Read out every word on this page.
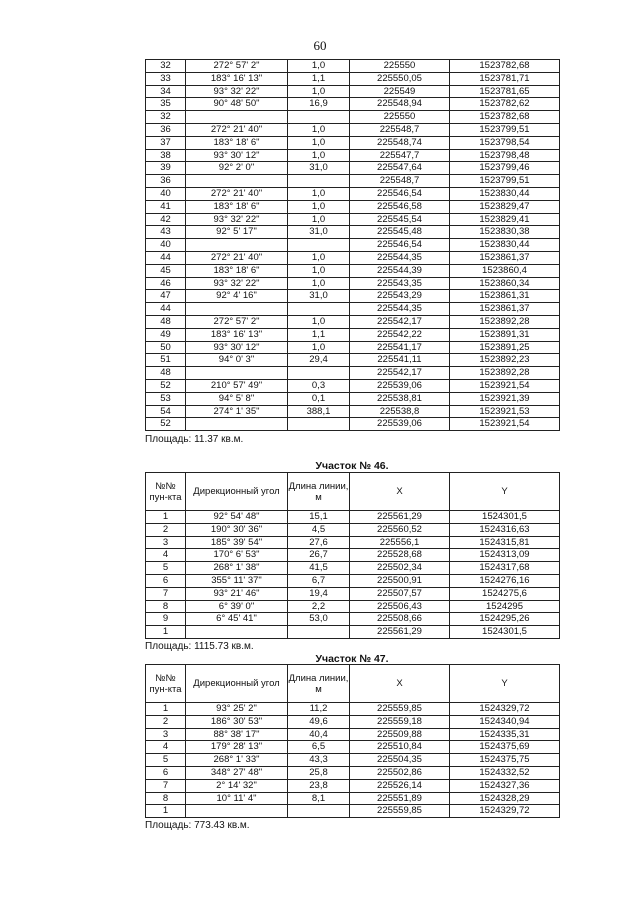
60
32	272° 57' 2"	1,0	225550	1523782,68
33	183° 16' 13"	1,1	225550,05	1523781,71
34	93° 32' 22"	1,0	225549	1523781,65
35	90° 48' 50"	16,9	225548,94	1523782,62
32			225550	1523782,68
36	272° 21' 40"	1,0	225548,7	1523799,51
37	183° 18' 6"	1,0	225548,74	1523798,54
38	93° 30' 12"	1,0	225547,7	1523798,48
39	92° 2' 0"	31,0	225547,64	1523799,46
36			225548,7	1523799,51
40	272° 21' 40"	1,0	225546,54	1523830,44
41	183° 18' 6"	1,0	225546,58	1523829,47
42	93° 32' 22"	1,0	225545,54	1523829,41
43	92° 5' 17"	31,0	225545,48	1523830,38
40			225546,54	1523830,44
44	272° 21' 40"	1,0	225544,35	1523861,37
45	183° 18' 6"	1,0	225544,39	1523860,4
46	93° 32' 22"	1,0	225543,35	1523860,34
47	92° 4' 16"	31,0	225543,29	1523861,31
44			225544,35	1523861,37
48	272° 57' 2"	1,0	225542,17	1523892,28
49	183° 16' 13"	1,1	225542,22	1523891,31
50	93° 30' 12"	1,0	225541,17	1523891,25
51	94° 0' 3"	29,4	225541,11	1523892,23
48			225542,17	1523892,28
52	210° 57' 49"	0,3	225539,06	1523921,54
53	94° 5' 8"	0,1	225538,81	1523921,39
54	274° 1' 35"	388,1	225538,8	1523921,53
52			225539,06	1523921,54
Площадь: 11.37 кв.м.
Участок № 46.
№№ пун-кта	Дирекционный угол	Длина линии, м	X	Y
1	92° 54' 48"	15,1	225561,29	1524301,5
2	190° 30' 36"	4,5	225560,52	1524316,63
3	185° 39' 54"	27,6	225556,1	1524315,81
4	170° 6' 53"	26,7	225528,68	1524313,09
5	268° 1' 38"	41,5	225502,34	1524317,68
6	355° 11' 37"	6,7	225500,91	1524276,16
7	93° 21' 46"	19,4	225507,57	1524275,6
8	6° 39' 0"	2,2	225506,43	1524295
9	6° 45' 41"	53,0	225508,66	1524295,26
1			225561,29	1524301,5
Площадь: 1115.73 кв.м.
Участок № 47.
№№ пун-кта	Дирекционный угол	Длина линии, м	X	Y
1	93° 25' 2"	11,2	225559,85	1524329,72
2	186° 30' 53"	49,6	225559,18	1524340,94
3	88° 38' 17"	40,4	225509,88	1524335,31
4	179° 28' 13"	6,5	225510,84	1524375,69
5	268° 1' 33"	43,3	225504,35	1524375,75
6	348° 27' 48"	25,8	225502,86	1524332,52
7	2° 14' 32"	23,8	225526,14	1524327,36
8	10° 11' 4"	8,1	225551,89	1524328,29
1			225559,85	1524329,72
Площадь: 773.43 кв.м.
